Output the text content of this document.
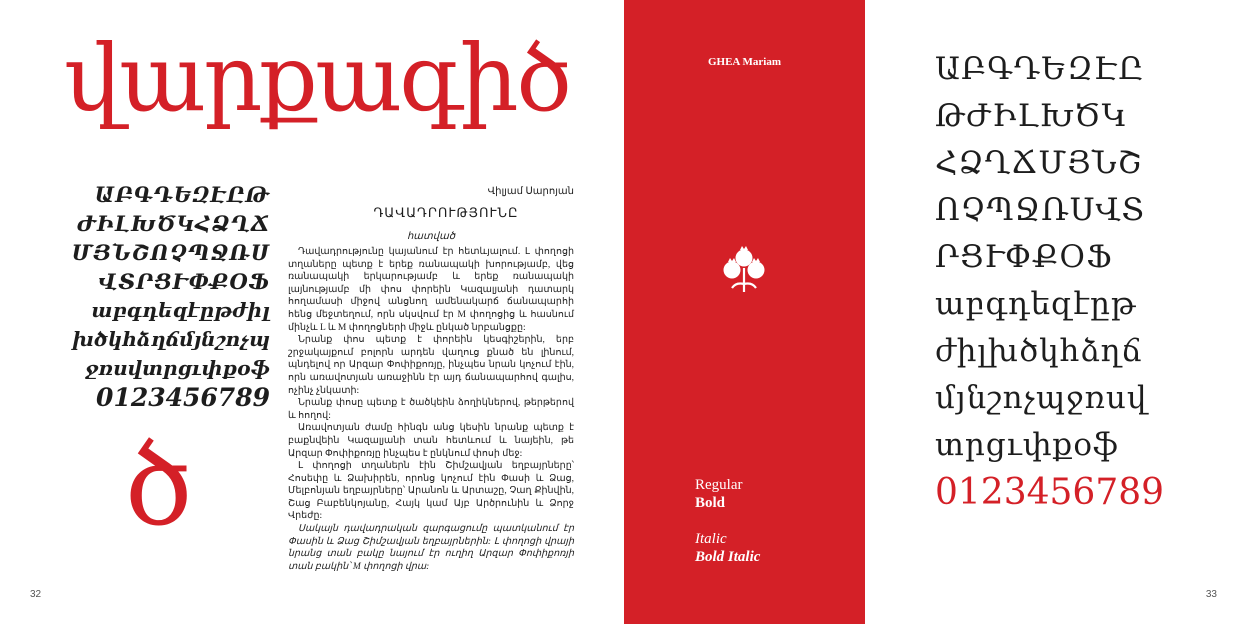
վարքագիծ
ԱԲԳԴԵԶԷԸԹ
ԺԻԼԽԾԿՀՁՂՃ
ՄՅՆՇՈՉՊՋՌՍ
ՎՏՐՑՒՓՔՕՖ
աբգդեզէըթժիլ
խծկհձղճմյնշոչպ
ջռսվտրցւփքօֆ
0123456789
ծ
Վիլյամ Սարոյան
ԴԱՎԱԴՐՈՒԹՅՈՒՆԸ
հատված

Դավադրությունը կայանում էր հետևյալում. Լ փողոցի տղաները պետք է երեք ռանապակի խորությամբ, վեց ռանապակի երկարությամբ և երեք ռանապակի լայնությամբ մի փոս փորեին Կազալյանի դատարկ հողամասի միջով անցնող ամենակարճ ճանապարհի հենց մեջտեղում, որն սկսվում էր M փողոցից և հասնում մինչև L և M փողոցների միջև ընկած նրբանցքը:

Նրանք փոս պետք է փորեին կեսգիշերին, երբ շրջակայքում բոլորն արդեն վաղուց քնած են լինում, պնդելով որ Արզար Փոփիքոռյը, ինչպես նրան կոչում էին, որն առավոտյան առաջինն էր այդ ճանապարհով գալիս, ոչինչ չնկատի:

Նրանք փոսը պետք է ծածկեին ձողիկներով, թերթերով և հողով:

Առավոտյան ժամը հինգն անց կեսին նրանք պետք է բաքնվեին Կազալյանի տան հետևում և նայեին, թե Արզար Փոփիքոռյը ինչպես է ընկնում փոսի մեջ:

Լ փողոցի տղաներն էին Շիմշավյան եղբայրները՝ Հոսեփը և Ձախիրեն, որոնց կոչում էին Փասի և Ձաց, Մելբոնյան եղբայրները՝ Արանոն և Արտաշը, Չաղ Քինվին, Շաց Բաբենկոյանը, Հայկ կամ Այբ Արծրունին և Ձորջ Վրեժը:

Սակայն դավադրական զարգացումը պատկանում էր Փասին և Ձաց Շիմշավյան եղբայրներին: Լ փողոցի վրայի նրանց տան բակը նայում էր ուղիղ Արզար Փոփիքոռյի տան բակին՝ M փողոցի վրա:

32
GHEA Mariam
Regular
Bold
Italic
Bold Italic
ԱԲԳԴԵԶԷԸ
ԹԺԻԼԽԾԿ
ՀՁՂՃՄՅՆՇ
ՈՉՊՋՌՍՎՏ
ՐՑՒՓՔՕՖ
աբգդեզէըթ
ժիլխծկհձղճ
մյնշոչպջռսվ
տրցւփքօֆ
0123456789
33
